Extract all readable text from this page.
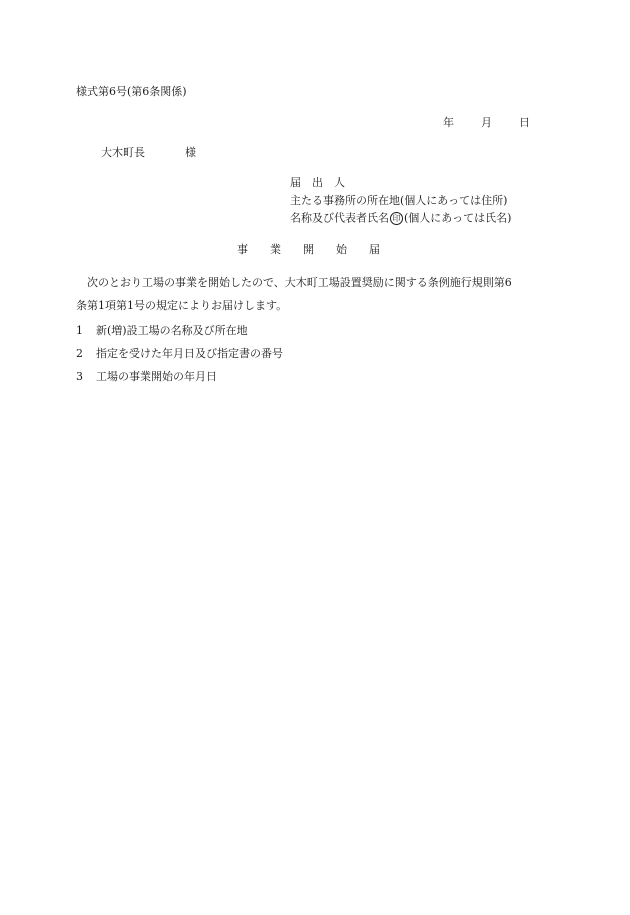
様式第6号(第6条関係)
年 月 日
大木町長	様
届　出　人
主たる事務所の所在地(個人にあっては住所)
名称及び代表者氏名 印 (個人にあっては氏名)
事 業 開 始 届
次のとおり工場の事業を開始したので、大木町工場設置奨励に関する条例施行規則第6
条第1項第1号の規定によりお届けします。
1 新(増)設工場の名称及び所在地
2 指定を受けた年月日及び指定書の番号
3 工場の事業開始の年月日
